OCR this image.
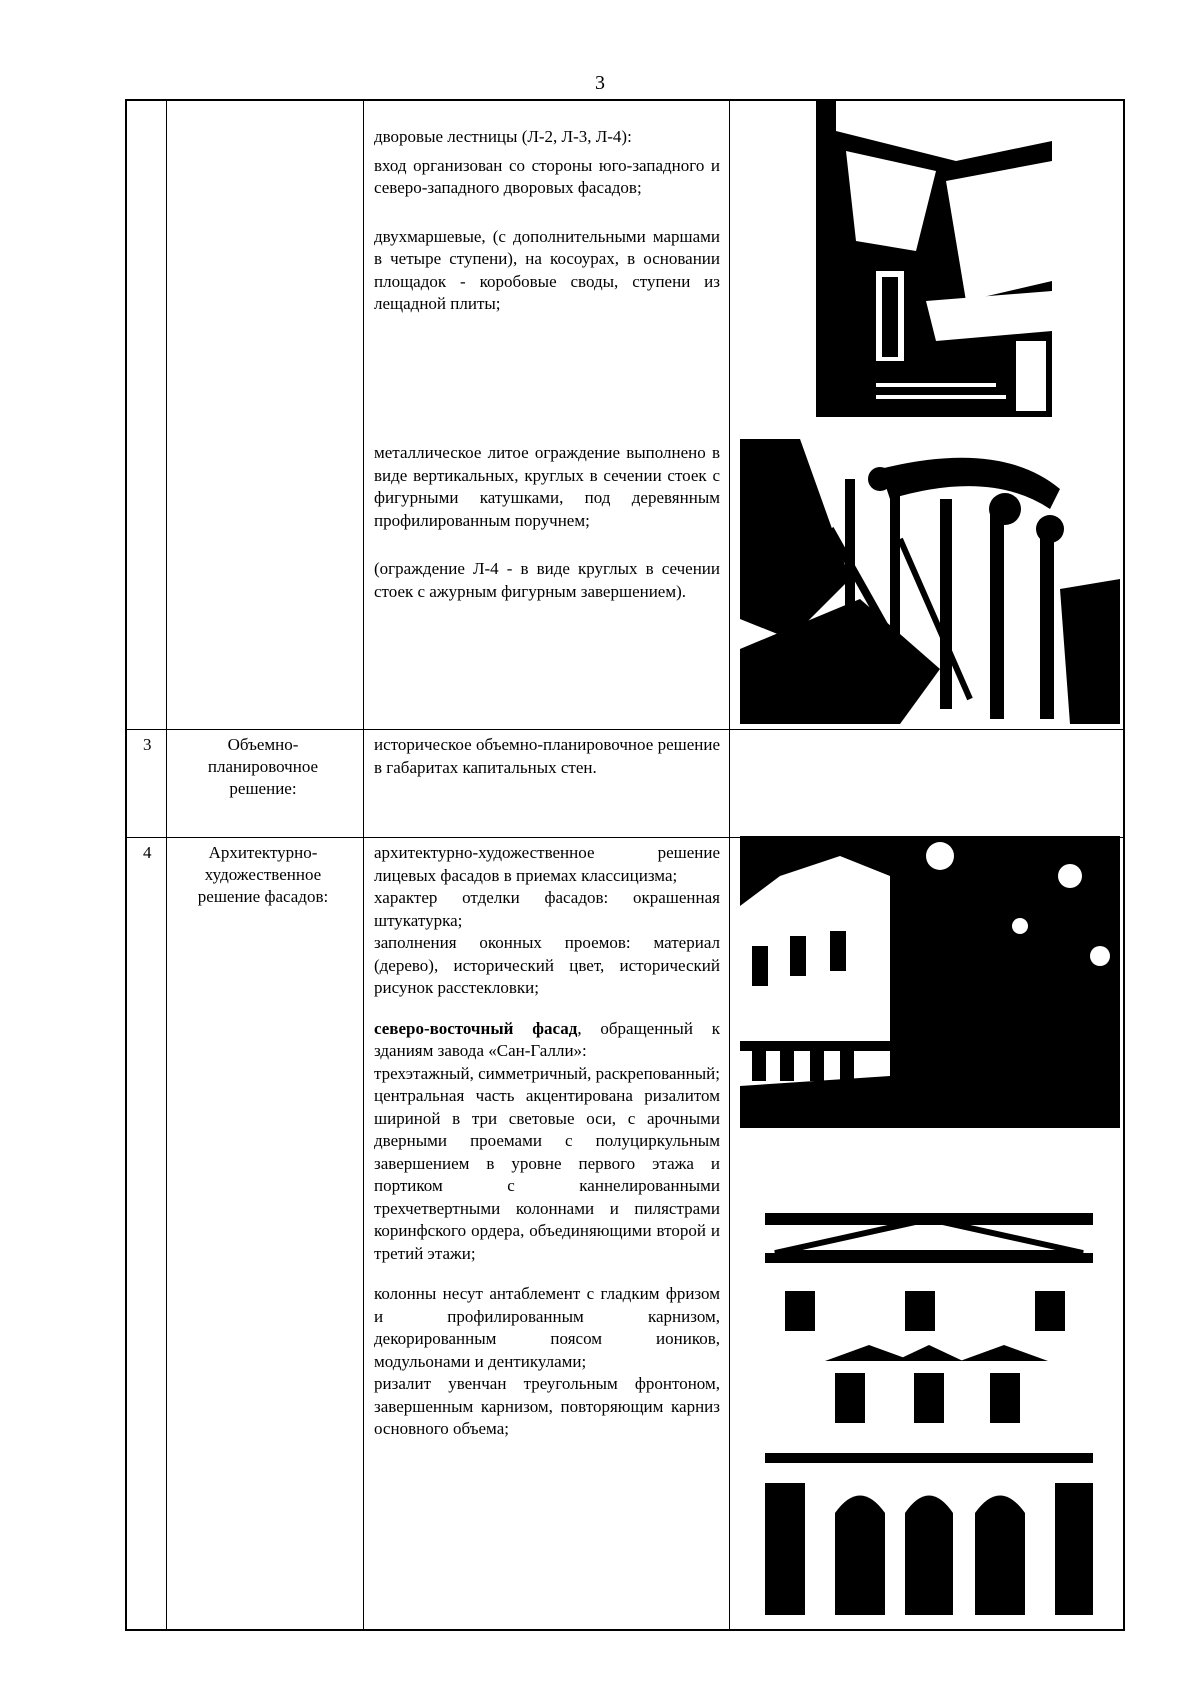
3

дворовые лестницы (Л-2, Л-3, Л-4):

вход организован со стороны юго-западного и северо-западного дворовых фасадов;

двухмаршевые, (с дополнительными маршами в четыре ступени), на косоурах, в основании площадок - коробовые своды, ступени из лещадной плиты;

металлическое литое ограждение выполнено в виде вертикальных, круглых в сечении стоек с фигурными катушками, под деревянным профилированным поручнем;

(ограждение Л-4 - в виде круглых в сечении стоек с ажурным фигурным завершением).

3	Объемно-планировочное решение:
историческое объемно-планировочное решение в габаритах капитальных стен.
4	Архитектурно-художественное решение фасадов:

архитектурно-художественное решение лицевых фасадов в приемах классицизма;

характер отделки фасадов: окрашенная штукатурка;

заполнения оконных проемов: материал (дерево), исторический цвет, исторический рисунок расстекловки;

северо-восточный фасад, обращенный к зданиям завода «Сан-Галли»:

трехэтажный, симметричный, раскрепованный;

центральная часть акцентирована ризалитом шириной в три световые оси, с арочными дверными проемами с полуциркульным завершением в уровне первого этажа и портиком с каннелированными трехчетвертными колоннами и пилястрами коринфского ордера, объединяющими второй и третий этажи;

колонны несут антаблемент с гладким фризом и профилированным карнизом, декорированным поясом иоников, модульонами и дентикулами;

ризалит увенчан треугольным фронтоном, завершенным карнизом, повторяющим карниз основного объема;
